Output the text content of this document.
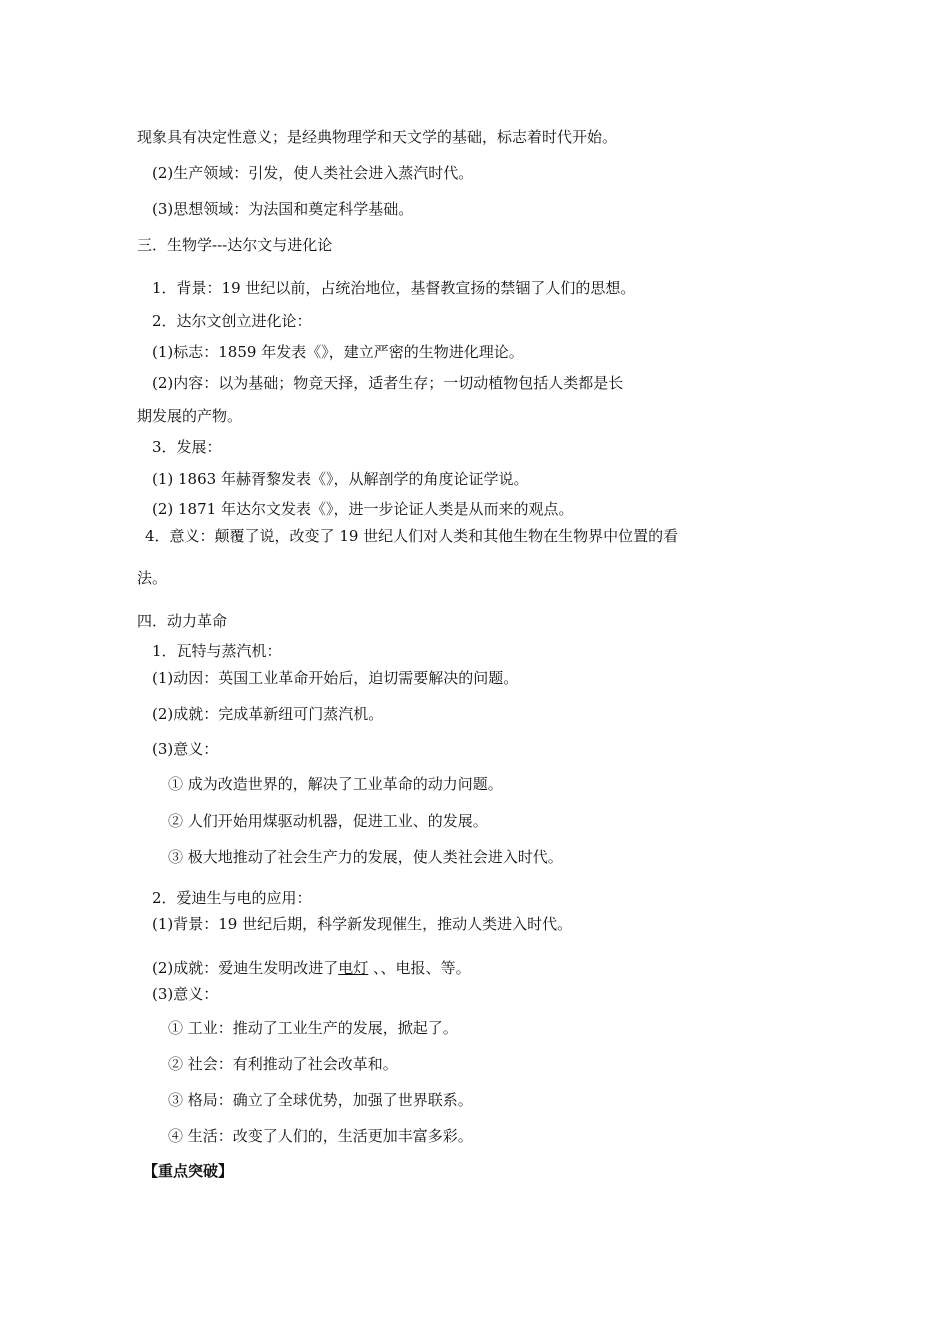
现象具有决定性意义；是经典物理学和天文学的基础，标志着时代开始。
(2)生产领域：引发，使人类社会进入蒸汽时代。
(3)思想领域：为法国和奠定科学基础。
三．生物学---达尔文与进化论
1．背景：19 世纪以前，占统治地位，基督教宣扬的禁锢了人们的思想。
2．达尔文创立进化论：
(1)标志：1859 年发表《》，建立严密的生物进化理论。
(2)内容：以为基础；物竞天择，适者生存；一切动植物包括人类都是长
期发展的产物。
3．发展：
(1) 1863 年赫胥黎发表《》，从解剖学的角度论证学说。
(2) 1871 年达尔文发表《》，进一步论证人类是从而来的观点。
4．意义：颠覆了说，改变了 19 世纪人们对人类和其他生物在生物界中位置的看
法。
四．动力革命
1．瓦特与蒸汽机：
(1)动因：英国工业革命开始后，迫切需要解决的问题。
(2)成就：完成革新纽可门蒸汽机。
(3)意义：
① 成为改造世界的，解决了工业革命的动力问题。
② 人们开始用煤驱动机器，促进工业、的发展。
③ 极大地推动了社会生产力的发展，使人类社会进入时代。
2．爱迪生与电的应用：
(1)背景：19 世纪后期，科学新发现催生，推动人类进入时代。
(2)成就：爱迪生发明改进了电灯 、、电报、等。
(3)意义：
① 工业：推动了工业生产的发展，掀起了。
② 社会：有利推动了社会改革和。
③ 格局：确立了全球优势，加强了世界联系。
④ 生活：改变了人们的，生活更加丰富多彩。
【重点突破】
